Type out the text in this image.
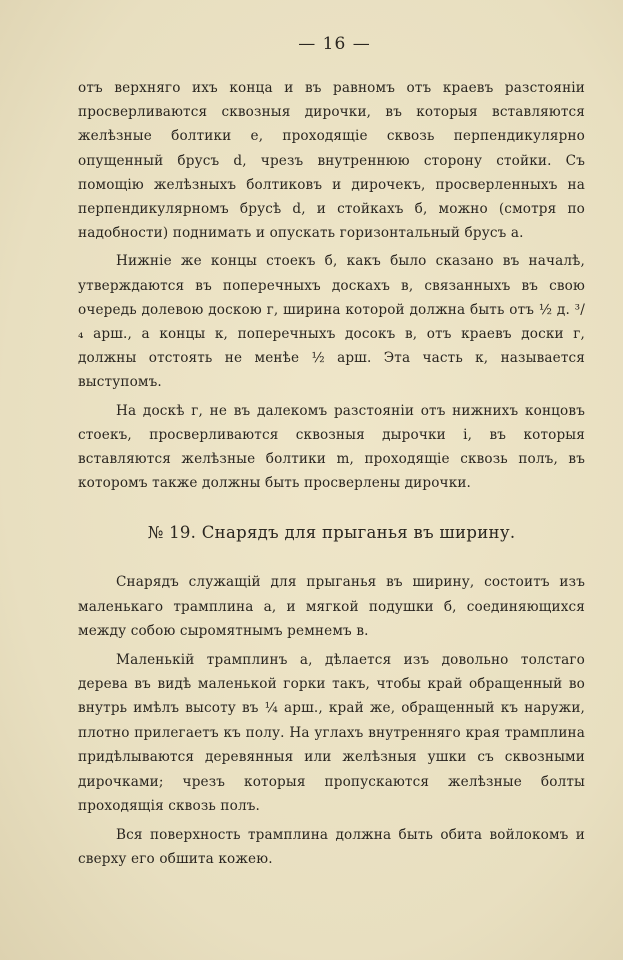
— 16 —

отъ верхняго ихъ конца и въ равномъ отъ краевъ разстояніи просверливаются сквозныя дирочки, въ которыя вставляются желѣзные болтики е, проходящіе сквозь перпендикулярно опущенный брусъ d, чрезъ внутреннюю сторону стойки. Съ помощію желѣзныхъ болтиковъ и дирочекъ, просверленныхъ на перпендикулярномъ брусѣ d, и стойкахъ б, можно (смотря по надобности) поднимать и опускать горизонтальный брусъ а.

Нижніе же концы стоекъ б, какъ было сказано въ началѣ, утверждаются въ поперечныхъ доскахъ в, связанныхъ въ свою очередь долевою доскою г, ширина которой должна быть отъ ½ д. ³/₄ арш., а концы к, поперечныхъ досокъ в, отъ краевъ доски г, должны отстоять не менѣе ½ арш. Эта часть к, называется выступомъ.

На доскѣ г, не въ далекомъ разстояніи отъ нижнихъ концовъ стоекъ, просверливаются сквозныя дырочки і, въ которыя вставляются желѣзные болтики m, проходящіе сквозь полъ, въ которомъ также должны быть просверлены дирочки.

№ 19. Снарядъ для прыганья въ ширину.

Снарядъ служащій для прыганья въ ширину, состоитъ изъ маленькаго трамплина а, и мягкой подушки б, соединяющихся между собою сыромятнымъ ремнемъ в.

Маленькій трамплинъ а, дѣлается изъ довольно толстаго дерева въ видѣ маленькой горки такъ, чтобы край обращенный во внутрь имѣлъ высоту въ ¼ арш., край же, обращенный къ наружи, плотно прилегаетъ къ полу. На углахъ внутренняго края трамплина придѣлываются деревянныя или желѣзныя ушки съ сквозными дирочками; чрезъ которыя пропускаются желѣзные болты проходящія сквозь полъ.

Вся поверхность трамплина должна быть обита войлокомъ и сверху его обшита кожею.
